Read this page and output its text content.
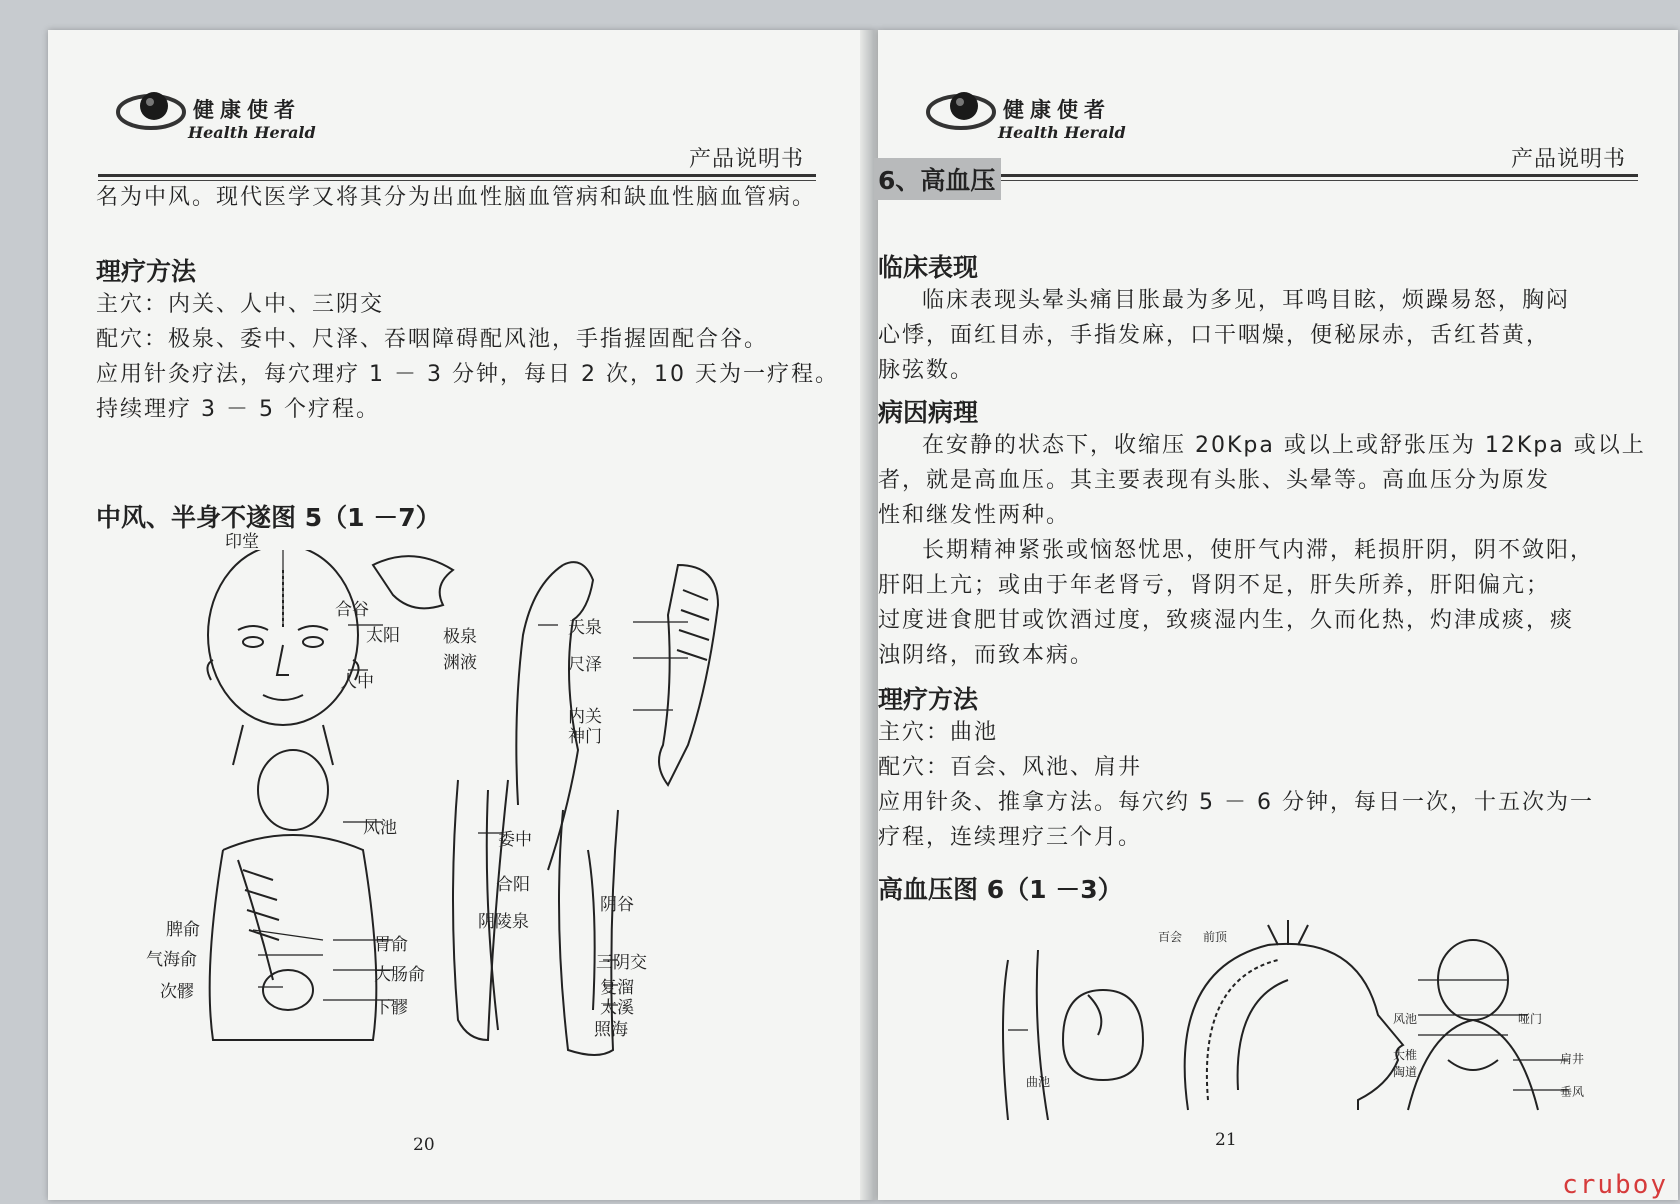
健康使者
Health Herald
产品说明书
名为中风。现代医学又将其分为出血性脑血管病和缺血性脑血管病。
理疗方法
主穴：内关、人中、三阴交
配穴：极泉、委中、尺泽、吞咽障碍配风池，手指握固配合谷。
应用针灸疗法，每穴理疗 1 － 3 分钟，每日 2 次，10 天为一疗程。
持续理疗 3 － 5 个疗程。
中风、半身不遂图 5（1 －7）
印堂
合谷
太阳
人中
极泉
渊液
天泉
尺泽
内关
神门
风池
委中
合阳
阴谷
阴陵泉
脾俞
胃俞
气海俞
大肠俞
次髎
下髎
三阴交
复溜
太溪
照海
20
健康使者
Health Herald
产品说明书
6、高血压
临床表现
临床表现头晕头痛目胀最为多见，耳鸣目眩，烦躁易怒，胸闷
心悸，面红目赤，手指发麻，口干咽燥，便秘尿赤，舌红苔黄，
脉弦数。
病因病理
在安静的状态下，收缩压 20Kpa 或以上或舒张压为 12Kpa 或以上
者，就是高血压。其主要表现有头胀、头晕等。高血压分为原发
性和继发性两种。
长期精神紧张或恼怒忧思，使肝气内滞，耗损肝阴，阴不敛阳，
肝阳上亢；或由于年老肾亏，肾阴不足，肝失所养，肝阳偏亢；
过度进食肥甘或饮酒过度，致痰湿内生，久而化热，灼津成痰，痰
浊阴络，而致本病。
理疗方法
主穴：曲池
配穴：百会、风池、肩井
应用针灸、推拿方法。每穴约 5 － 6 分钟，每日一次，十五次为一
疗程，连续理疗三个月。
高血压图 6（1 －3）
百会 前顶
曲池
风池	哑门
大椎
陶道
肩井
垂风
21
cruboy
